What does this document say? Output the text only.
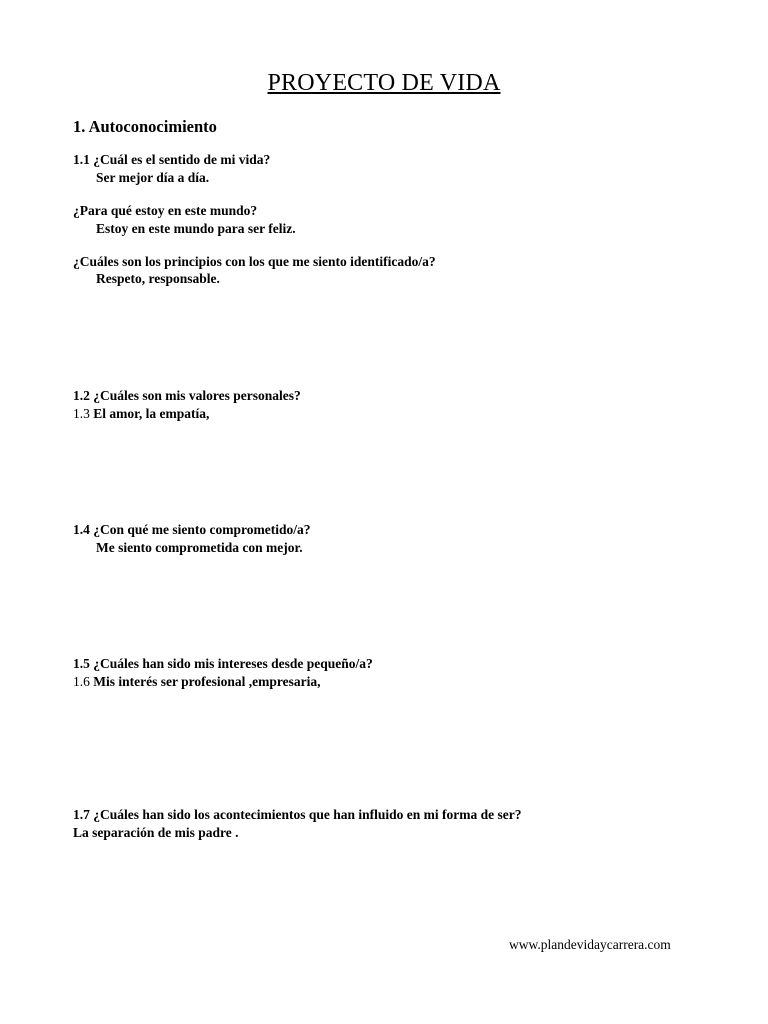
PROYECTO DE VIDA
1. Autoconocimiento
1.1 ¿Cuál es el sentido de mi vida?
Ser mejor día a día.
¿Para qué estoy en este mundo?
Estoy en este mundo para ser feliz.
¿Cuáles son los principios con los que me siento identificado/a?
Respeto, responsable.
1.2 ¿Cuáles son mis valores personales?
1.3 El amor, la empatía,
1.4 ¿Con qué me siento comprometido/a?
Me siento comprometida con mejor.
1.5 ¿Cuáles han sido mis intereses desde pequeño/a?
1.6 Mis interés ser profesional ,empresaria,
1.7 ¿Cuáles han sido los acontecimientos que han influido en mi forma de ser?
La separación de mis padre .
www.plandevidaycarrera.com
